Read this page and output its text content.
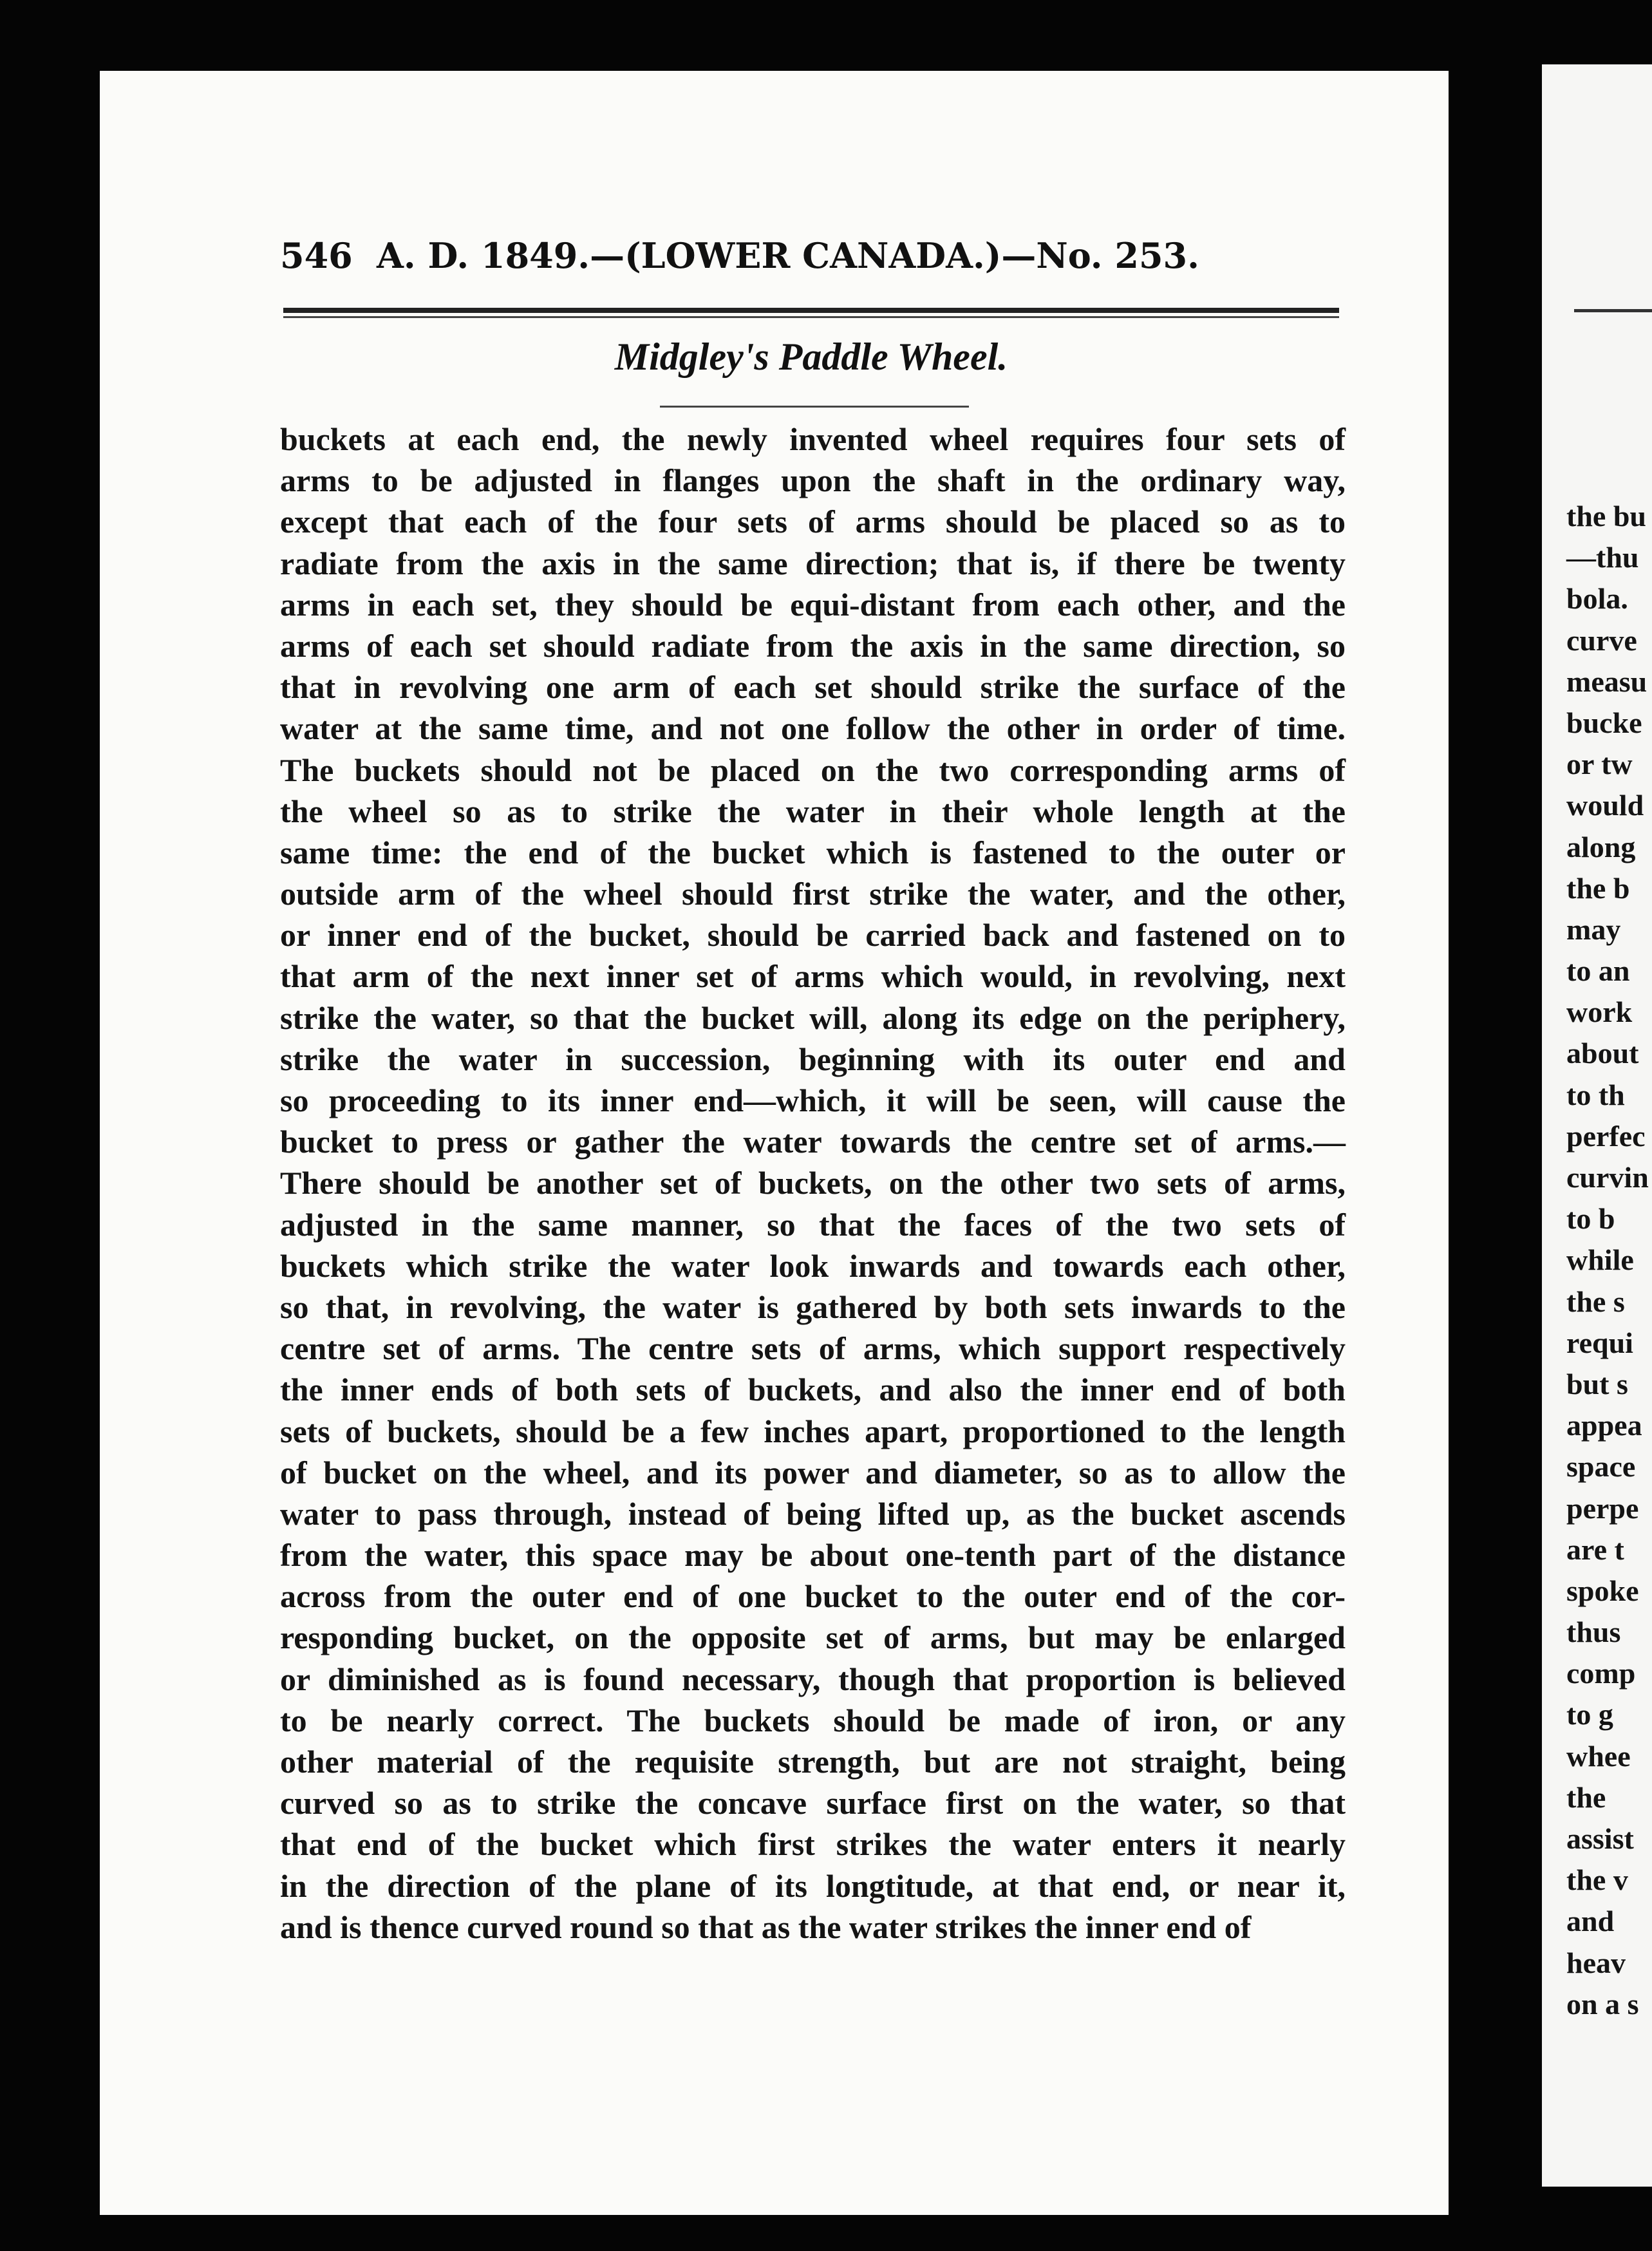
546 A. D. 1849.—(LOWER CANADA.)—No. 253.
Midgley's Paddle Wheel.
buckets at each end, the newly invented wheel requires four sets of
arms to be adjusted in flanges upon the shaft in the ordinary way,
except that each of the four sets of arms should be placed so as to
radiate from the axis in the same direction; that is, if there be twenty
arms in each set, they should be equi-distant from each other, and the
arms of each set should radiate from the axis in the same direction, so
that in revolving one arm of each set should strike the surface of the
water at the same time, and not one follow the other in order of time.
The buckets should not be placed on the two corresponding arms of
the wheel so as to strike the water in their whole length at the
same time: the end of the bucket which is fastened to the outer or
outside arm of the wheel should first strike the water, and the other,
or inner end of the bucket, should be carried back and fastened on to
that arm of the next inner set of arms which would, in revolving, next
strike the water, so that the bucket will, along its edge on the periphery,
strike the water in succession, beginning with its outer end and
so proceeding to its inner end—which, it will be seen, will cause the
bucket to press or gather the water towards the centre set of arms.—
There should be another set of buckets, on the other two sets of arms,
adjusted in the same manner, so that the faces of the two sets of
buckets which strike the water look inwards and towards each other,
so that, in revolving, the water is gathered by both sets inwards to the
centre set of arms. The centre sets of arms, which support respectively
the inner ends of both sets of buckets, and also the inner end of both
sets of buckets, should be a few inches apart, proportioned to the length
of bucket on the wheel, and its power and diameter, so as to allow the
water to pass through, instead of being lifted up, as the bucket ascends
from the water, this space may be about one-tenth part of the distance
across from the outer end of one bucket to the outer end of the cor-
responding bucket, on the opposite set of arms, but may be enlarged
or diminished as is found necessary, though that proportion is believed
to be nearly correct. The buckets should be made of iron, or any
other material of the requisite strength, but are not straight, being
curved so as to strike the concave surface first on the water, so that
that end of the bucket which first strikes the water enters it nearly
in the direction of the plane of its longtitude, at that end, or near it,
and is thence curved round so that as the water strikes the inner end of
the bu
—thu
bola.
curve
measu
bucke
or tw
would
along
the b
may
to an
work
about
to th
perfec
curvin
to b
while
the s
requi
but s
appea
space
perpe
are t
spoke
thus
comp
to g
whee
the
assist
the v
and
heav
on a s
